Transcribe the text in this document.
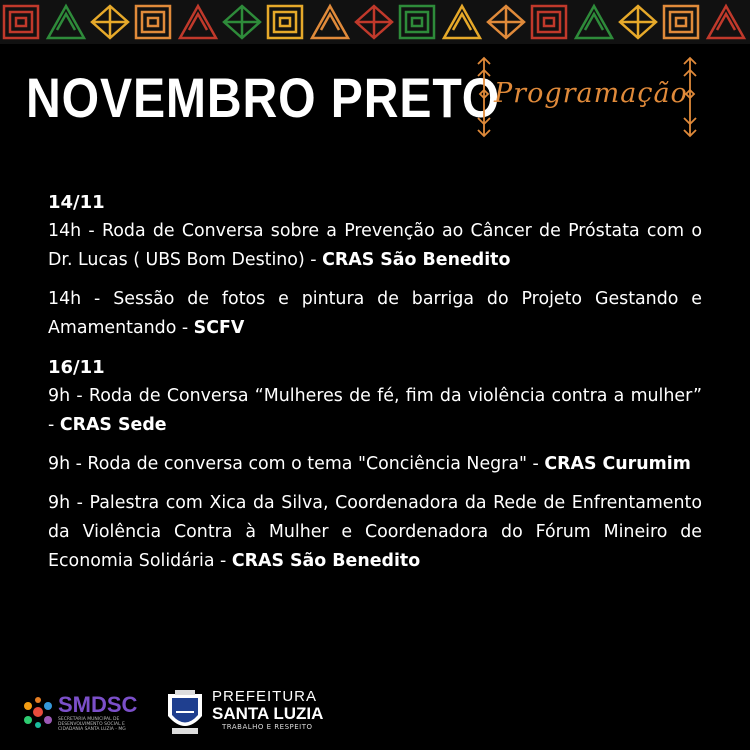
NOVEMBRO PRETO
Programação

14/11

14h - Roda de Conversa sobre a Prevenção ao Câncer de Próstata com o Dr. Lucas ( UBS Bom Destino) - CRAS São Benedito

14h - Sessão de fotos e pintura de barriga do Projeto Gestando e Amamentando - SCFV

16/11

9h - Roda de Conversa “Mulheres de fé, fim da violência contra a mulher” - CRAS Sede

9h - Roda de conversa com o tema "Conciência Negra" - CRAS Curumim

9h - Palestra com Xica da Silva, Coordenadora da Rede de Enfrentamento da Violência Contra à Mulher e Coordenadora do Fórum Mineiro de Economia Solidária - CRAS São Benedito

SMDSC
SECRETARIA MUNICIPAL DE DESENVOLVIMENTO SOCIAL E CIDADANIA SANTA LUZIA - MG
PREFEITURA
SANTA LUZIA
TRABALHO E RESPEITO
